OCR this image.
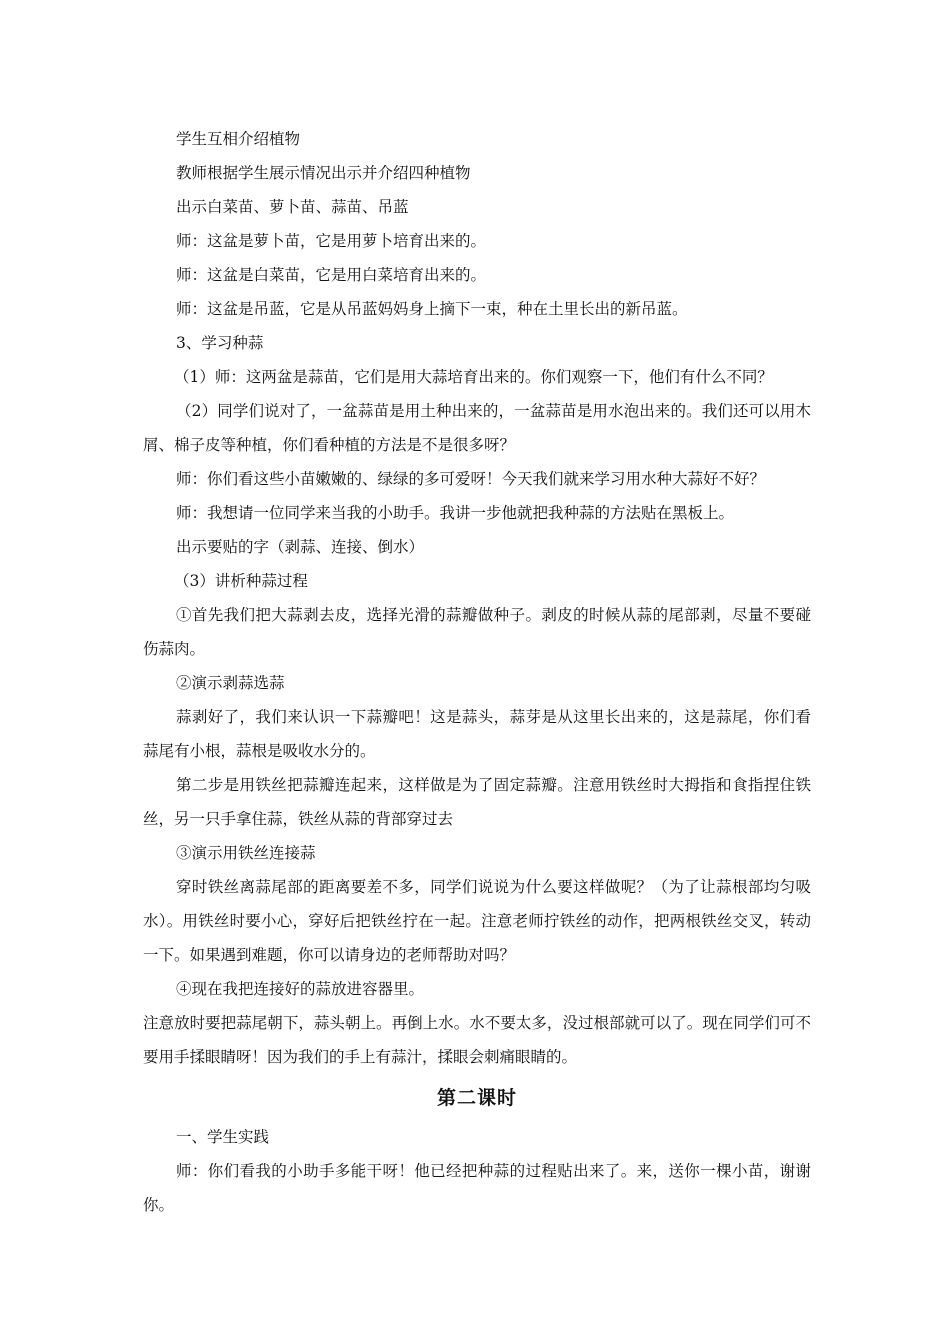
学生互相介绍植物

教师根据学生展示情况出示并介绍四种植物

出示白菜苗、萝卜苗、蒜苗、吊蓝

师：这盆是萝卜苗，它是用萝卜培育出来的。

师：这盆是白菜苗，它是用白菜培育出来的。

师：这盆是吊蓝，它是从吊蓝妈妈身上摘下一束，种在土里长出的新吊蓝。

3、学习种蒜

（1）师：这两盆是蒜苗，它们是用大蒜培育出来的。你们观察一下，他们有什么不同？

（2）同学们说对了，一盆蒜苗是用土种出来的，一盆蒜苗是用水泡出来的。我们还可以用木屑、棉子皮等种植，你们看种植的方法是不是很多呀？

师：你们看这些小苗嫩嫩的、绿绿的多可爱呀！今天我们就来学习用水种大蒜好不好？

师：我想请一位同学来当我的小助手。我讲一步他就把我种蒜的方法贴在黑板上。

出示要贴的字（剥蒜、连接、倒水）

（3）讲析种蒜过程

①首先我们把大蒜剥去皮，选择光滑的蒜瓣做种子。剥皮的时候从蒜的尾部剥，尽量不要碰伤蒜肉。

②演示剥蒜选蒜

蒜剥好了，我们来认识一下蒜瓣吧！这是蒜头，蒜芽是从这里长出来的，这是蒜尾，你们看蒜尾有小根，蒜根是吸收水分的。

第二步是用铁丝把蒜瓣连起来，这样做是为了固定蒜瓣。注意用铁丝时大拇指和食指捏住铁丝，另一只手拿住蒜，铁丝从蒜的背部穿过去

③演示用铁丝连接蒜

穿时铁丝离蒜尾部的距离要差不多，同学们说说为什么要这样做呢？（为了让蒜根部均匀吸水）。用铁丝时要小心，穿好后把铁丝拧在一起。注意老师拧铁丝的动作，把两根铁丝交叉，转动一下。如果遇到难题，你可以请身边的老师帮助对吗？

④现在我把连接好的蒜放进容器里。

注意放时要把蒜尾朝下，蒜头朝上。再倒上水。水不要太多，没过根部就可以了。现在同学们可不要用手揉眼睛呀！因为我们的手上有蒜汁，揉眼会刺痛眼睛的。

第二课时

一、学生实践

师：你们看我的小助手多能干呀！他已经把种蒜的过程贴出来了。来，送你一棵小苗，谢谢你。
